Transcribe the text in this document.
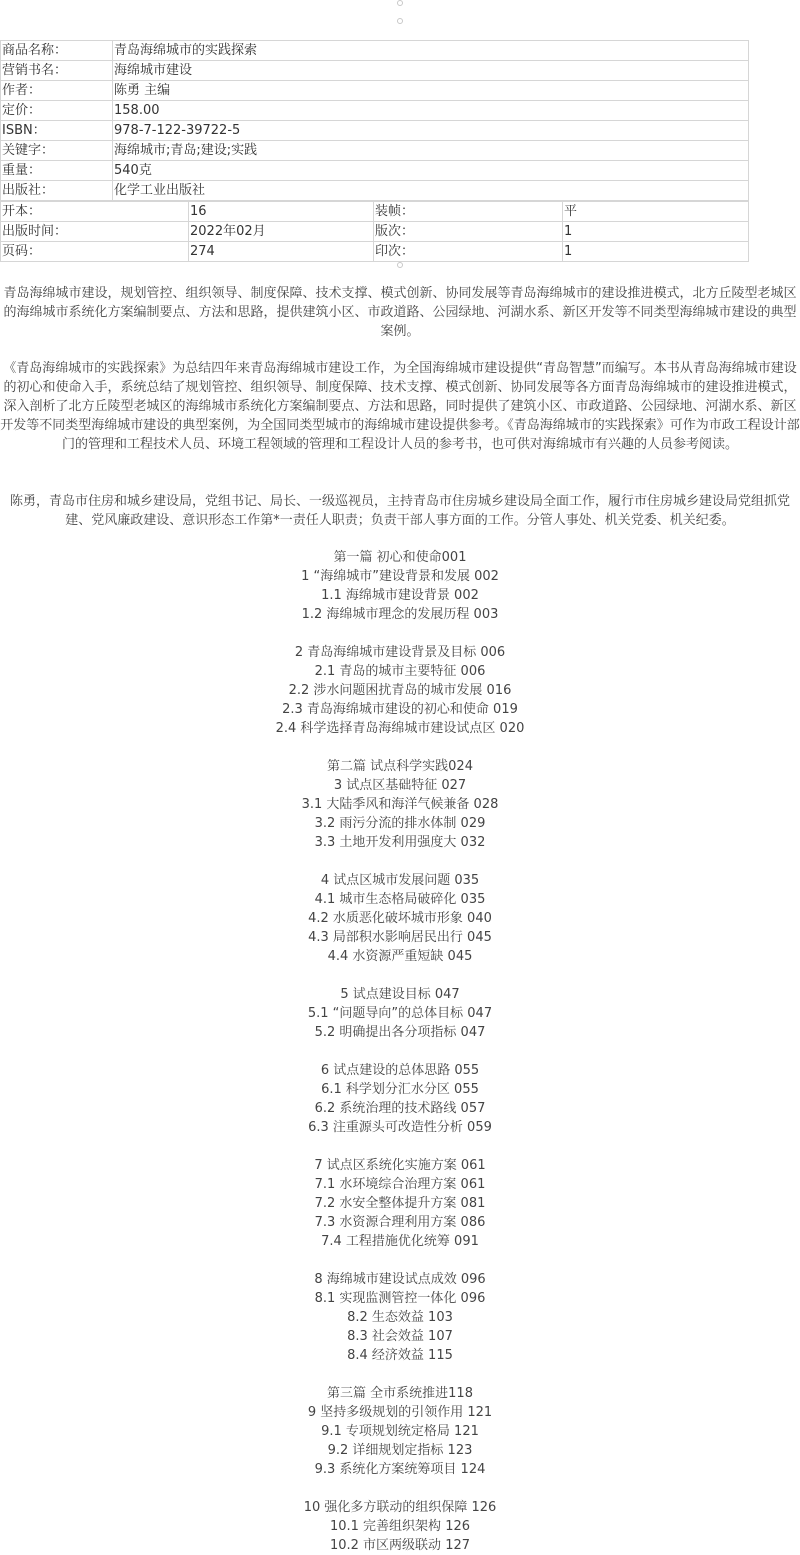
商品名称：	青岛海绵城市的实践探索
营销书名：	海绵城市建设
作者：	陈勇 主编
定价：	158.00
ISBN：	978-7-122-39722-5
关键字：	海绵城市;青岛;建设;实践
重量：	540克
出版社：	化学工业出版社
开本：	16	装帧：	平
出版时间：	2022年02月	版次：	1
页码：	274	印次：	1
青岛海绵城市建设，规划管控、组织领导、制度保障、技术支撑、模式创新、协同发展等青岛海绵城市的建设推进模式，北方丘陵型老城区的海绵城市系统化方案编制要点、方法和思路，提供建筑小区、市政道路、公园绿地、河湖水系、新区开发等不同类型海绵城市建设的典型案例。
《青岛海绵城市的实践探索》为总结四年来青岛海绵城市建设工作，为全国海绵城市建设提供“青岛智慧”而编写。本书从青岛海绵城市建设的初心和使命入手，系统总结了规划管控、组织领导、制度保障、技术支撑、模式创新、协同发展等各方面青岛海绵城市的建设推进模式，深入剖析了北方丘陵型老城区的海绵城市系统化方案编制要点、方法和思路，同时提供了建筑小区、市政道路、公园绿地、河湖水系、新区开发等不同类型海绵城市建设的典型案例，为全国同类型城市的海绵城市建设提供参考。《青岛海绵城市的实践探索》可作为市政工程设计部门的管理和工程技术人员、环境工程领域的管理和工程设计人员的参考书，也可供对海绵城市有兴趣的人员参考阅读。
陈勇，青岛市住房和城乡建设局，党组书记、局长、一级巡视员，主持青岛市住房城乡建设局全面工作，履行市住房城乡建设局党组抓党建、党风廉政建设、意识形态工作第*一责任人职责；负责干部人事方面的工作。分管人事处、机关党委、机关纪委。
第一篇 初心和使命001
1 “海绵城市”建设背景和发展 002
1.1 海绵城市建设背景 002
1.2 海绵城市理念的发展历程 003
2 青岛海绵城市建设背景及目标 006
2.1 青岛的城市主要特征 006
2.2 涉水问题困扰青岛的城市发展 016
2.3 青岛海绵城市建设的初心和使命 019
2.4 科学选择青岛海绵城市建设试点区 020
第二篇 试点科学实践024
3 试点区基础特征 027
3.1 大陆季风和海洋气候兼备 028
3.2 雨污分流的排水体制 029
3.3 土地开发利用强度大 032
4 试点区城市发展问题 035
4.1 城市生态格局破碎化 035
4.2 水质恶化破坏城市形象 040
4.3 局部积水影响居民出行 045
4.4 水资源严重短缺 045
5 试点建设目标 047
5.1 “问题导向”的总体目标 047
5.2 明确提出各分项指标 047
6 试点建设的总体思路 055
6.1 科学划分汇水分区 055
6.2 系统治理的技术路线 057
6.3 注重源头可改造性分析 059
7 试点区系统化实施方案 061
7.1 水环境综合治理方案 061
7.2 水安全整体提升方案 081
7.3 水资源合理利用方案 086
7.4 工程措施优化统筹 091
8 海绵城市建设试点成效 096
8.1 实现监测管控一体化 096
8.2 生态效益 103
8.3 社会效益 107
8.4 经济效益 115
第三篇 全市系统推进118
9 坚持多级规划的引领作用 121
9.1 专项规划统定格局 121
9.2 详细规划定指标 123
9.3 系统化方案统筹项目 124
10 强化多方联动的组织保障 126
10.1 完善组织架构 126
10.2 市区两级联动 127
